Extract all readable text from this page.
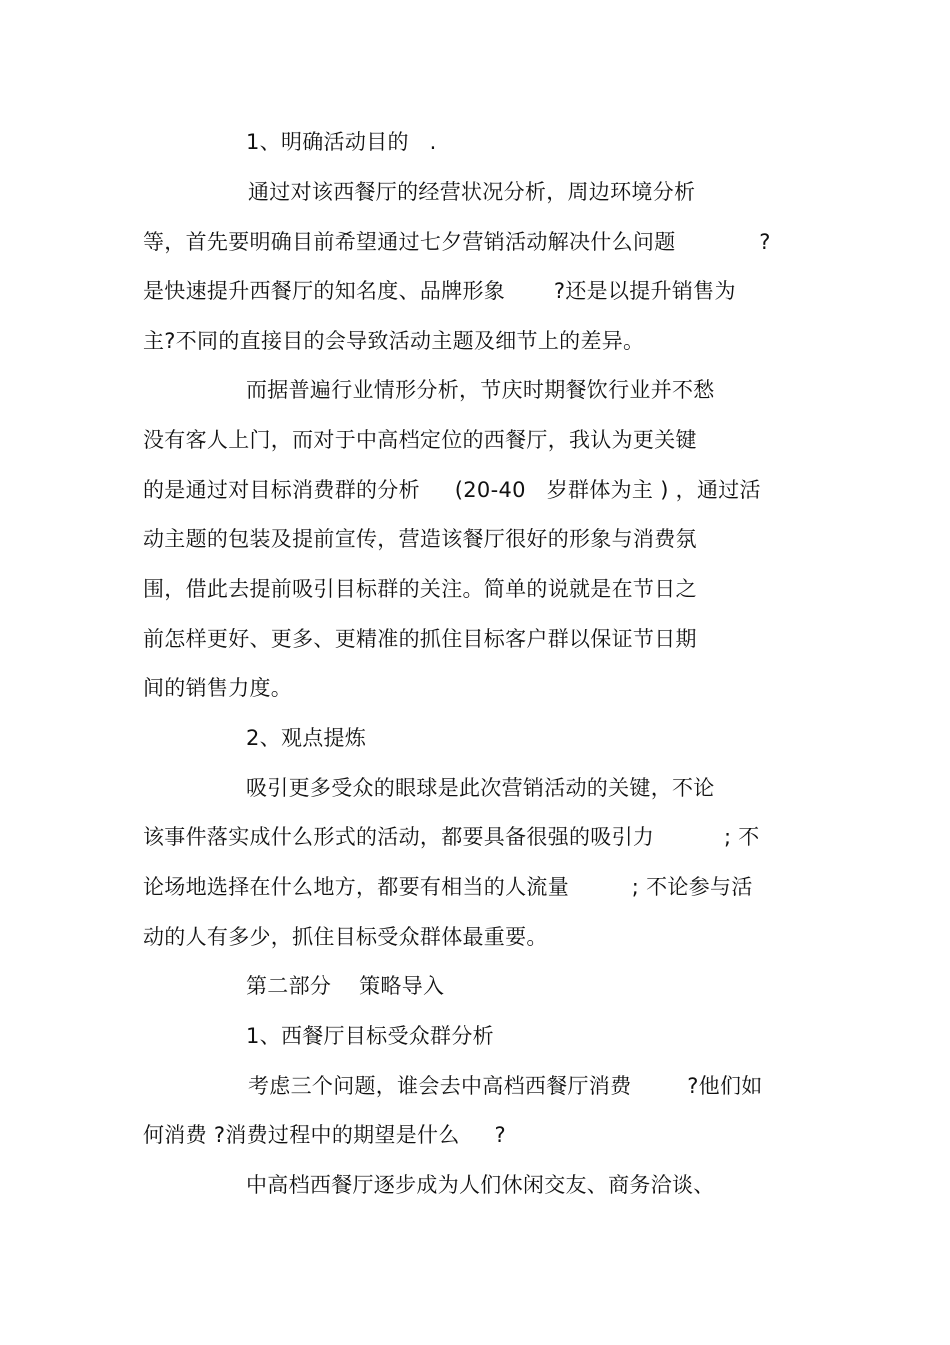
1、明确活动目的   .
通过对该西餐厅的经营状况分析，周边环境分析
等，首先要明确目前希望通过七夕营销活动解决什么问题            ?
是快速提升西餐厅的知名度、品牌形象       ?还是以提升销售为
主?不同的直接目的会导致活动主题及细节上的差异。
而据普遍行业情形分析，节庆时期餐饮行业并不愁
没有客人上门，而对于中高档定位的西餐厅，我认为更关键
的是通过对目标消费群的分析     (20-40   岁群体为主 ) ，通过活
动主题的包装及提前宣传，营造该餐厅很好的形象与消费氛
围，借此去提前吸引目标群的关注。简单的说就是在节日之
前怎样更好、更多、更精准的抓住目标客户群以保证节日期
间的销售力度。
2、观点提炼
吸引更多受众的眼球是此次营销活动的关键，不论
该事件落实成什么形式的活动，都要具备很强的吸引力          ; 不
论场地选择在什么地方，都要有相当的人流量         ; 不论参与活
动的人有多少，抓住目标受众群体最重要。
第二部分    策略导入
1、西餐厅目标受众群分析
考虑三个问题，谁会去中高档西餐厅消费        ?他们如
何消费 ?消费过程中的期望是什么     ?
中高档西餐厅逐步成为人们休闲交友、商务洽谈、
